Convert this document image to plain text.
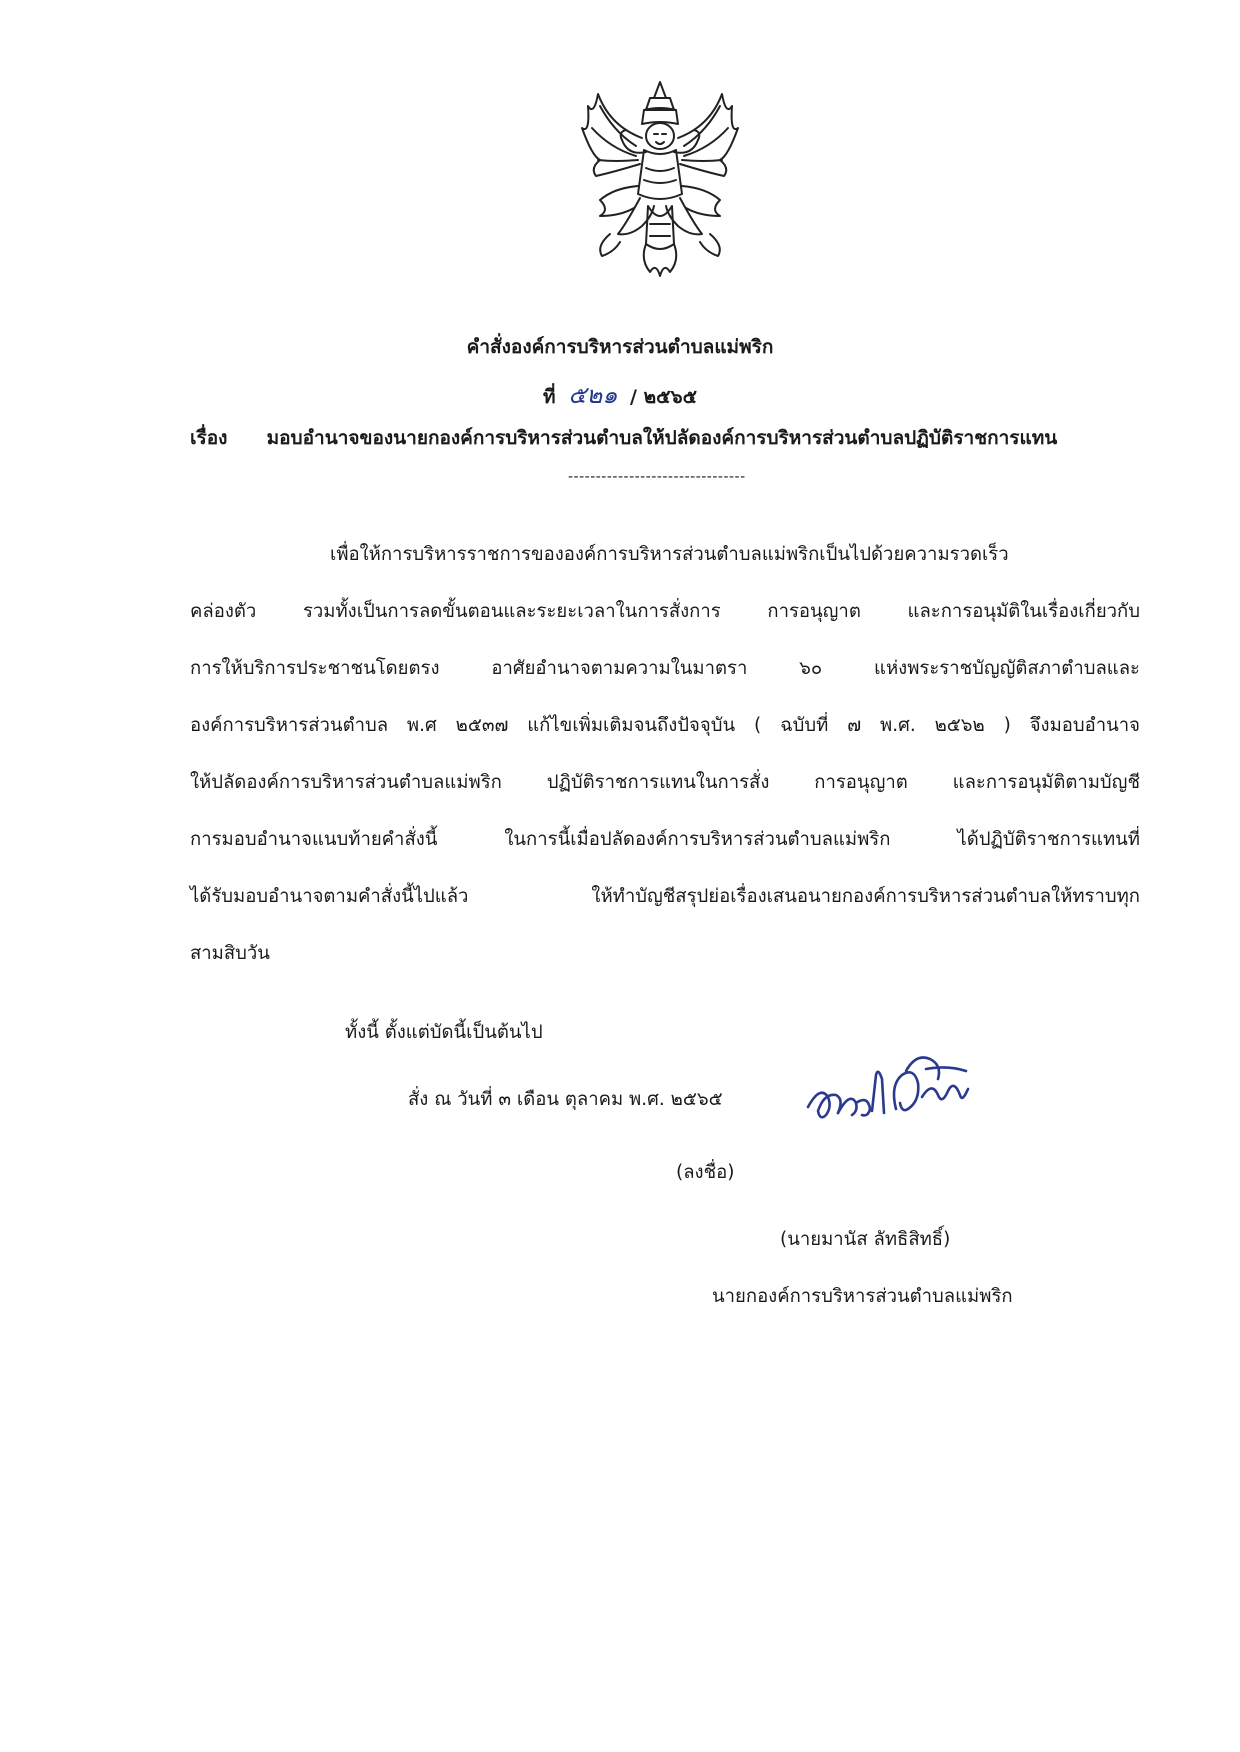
คำสั่งองค์การบริหารส่วนตำบลแม่พริก
ที่ ๕๒๑ / ๒๕๖๕
เรื่อง มอบอำนาจของนายกองค์การบริหารส่วนตำบลให้ปลัดองค์การบริหารส่วนตำบลปฏิบัติราชการแทน
--------------------------------
เพื่อให้การบริหารราชการขององค์การบริหารส่วนตำบลแม่พริกเป็นไปด้วยความรวดเร็ว
คล่องตัว รวมทั้งเป็นการลดขั้นตอนและระยะเวลาในการสั่งการ การอนุญาต และการอนุมัติในเรื่องเกี่ยวกับ
การให้บริการประชาชนโดยตรง อาศัยอำนาจตามความในมาตรา ๖๐ แห่งพระราชบัญญัติสภาตำบลและ
องค์การบริหารส่วนตำบล พ.ศ ๒๕๓๗ แก้ไขเพิ่มเติมจนถึงปัจจุบัน ( ฉบับที่ ๗ พ.ศ. ๒๕๖๒ ) จึงมอบอำนาจ
ให้ปลัดองค์การบริหารส่วนตำบลแม่พริก ปฏิบัติราชการแทนในการสั่ง การอนุญาต และการอนุมัติตามบัญชี
การมอบอำนาจแนบท้ายคำสั่งนี้ ในการนี้เมื่อปลัดองค์การบริหารส่วนตำบลแม่พริก ได้ปฏิบัติราชการแทนที่
ได้รับมอบอำนาจตามคำสั่งนี้ไปแล้ว ให้ทำบัญชีสรุปย่อเรื่องเสนอนายกองค์การบริหารส่วนตำบลให้ทราบทุก
สามสิบวัน
ทั้งนี้ ตั้งแต่บัดนี้เป็นต้นไป
สั่ง ณ วันที่ ๓ เดือน ตุลาคม พ.ศ. ๒๕๖๕
(ลงชื่อ)
(นายมานัส ลัทธิสิทธิ์)
นายกองค์การบริหารส่วนตำบลแม่พริก
